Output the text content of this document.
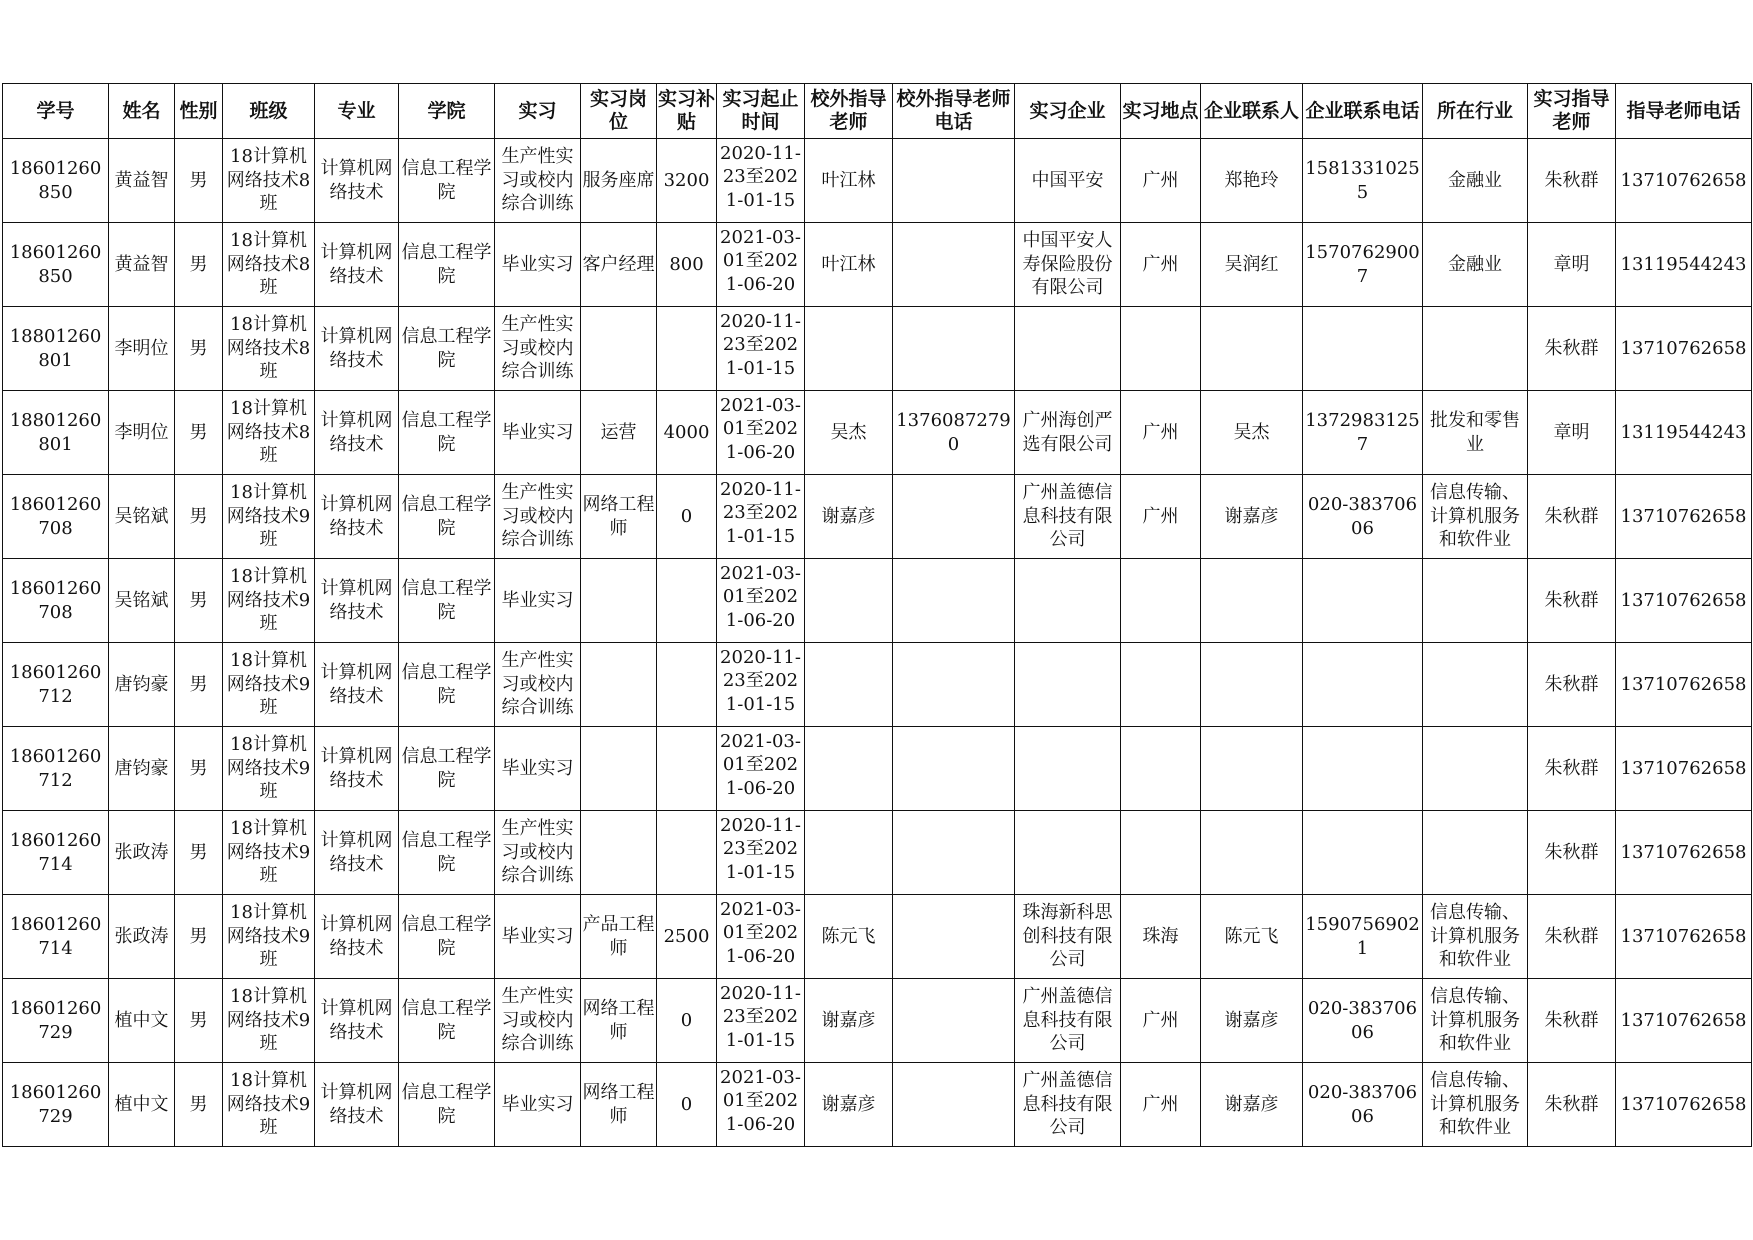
学号	姓名	性别	班级	专业	学院	实习	实习岗位	实习补贴	实习起止时间	校外指导老师	校外指导老师电话	实习企业	实习地点	企业联系人	企业联系电话	所在行业	实习指导老师	指导老师电话
18601260850	黄益智	男	18计算机网络技术8班	计算机网络技术	信息工程学院	生产性实习或校内综合训练	服务座席	3200	2020-11-23至2021-01-15	叶江林		中国平安	广州	郑艳玲	15813310255	金融业	朱秋群	13710762658
18601260850	黄益智	男	18计算机网络技术8班	计算机网络技术	信息工程学院	毕业实习	客户经理	800	2021-03-01至2021-06-20	叶江林		中国平安人寿保险股份有限公司	广州	吴润红	15707629007	金融业	章明	13119544243
18801260801	李明位	男	18计算机网络技术8班	计算机网络技术	信息工程学院	生产性实习或校内综合训练			2020-11-23至2021-01-15								朱秋群	13710762658
18801260801	李明位	男	18计算机网络技术8班	计算机网络技术	信息工程学院	毕业实习	运营	4000	2021-03-01至2021-06-20	吴杰	13760872790	广州海创严选有限公司	广州	吴杰	13729831257	批发和零售业	章明	13119544243
18601260708	吴铭斌	男	18计算机网络技术9班	计算机网络技术	信息工程学院	生产性实习或校内综合训练	网络工程师	0	2020-11-23至2021-01-15	谢嘉彦		广州盖德信息科技有限公司	广州	谢嘉彦	020-38370606	信息传输、计算机服务和软件业	朱秋群	13710762658
18601260708	吴铭斌	男	18计算机网络技术9班	计算机网络技术	信息工程学院	毕业实习			2021-03-01至2021-06-20								朱秋群	13710762658
18601260712	唐钧豪	男	18计算机网络技术9班	计算机网络技术	信息工程学院	生产性实习或校内综合训练			2020-11-23至2021-01-15								朱秋群	13710762658
18601260712	唐钧豪	男	18计算机网络技术9班	计算机网络技术	信息工程学院	毕业实习			2021-03-01至2021-06-20								朱秋群	13710762658
18601260714	张政涛	男	18计算机网络技术9班	计算机网络技术	信息工程学院	生产性实习或校内综合训练			2020-11-23至2021-01-15								朱秋群	13710762658
18601260714	张政涛	男	18计算机网络技术9班	计算机网络技术	信息工程学院	毕业实习	产品工程师	2500	2021-03-01至2021-06-20	陈元飞		珠海新科思创科技有限公司	珠海	陈元飞	15907569021	信息传输、计算机服务和软件业	朱秋群	13710762658
18601260729	植中文	男	18计算机网络技术9班	计算机网络技术	信息工程学院	生产性实习或校内综合训练	网络工程师	0	2020-11-23至2021-01-15	谢嘉彦		广州盖德信息科技有限公司	广州	谢嘉彦	020-38370606	信息传输、计算机服务和软件业	朱秋群	13710762658
18601260729	植中文	男	18计算机网络技术9班	计算机网络技术	信息工程学院	毕业实习	网络工程师	0	2021-03-01至2021-06-20	谢嘉彦		广州盖德信息科技有限公司	广州	谢嘉彦	020-38370606	信息传输、计算机服务和软件业	朱秋群	13710762658
